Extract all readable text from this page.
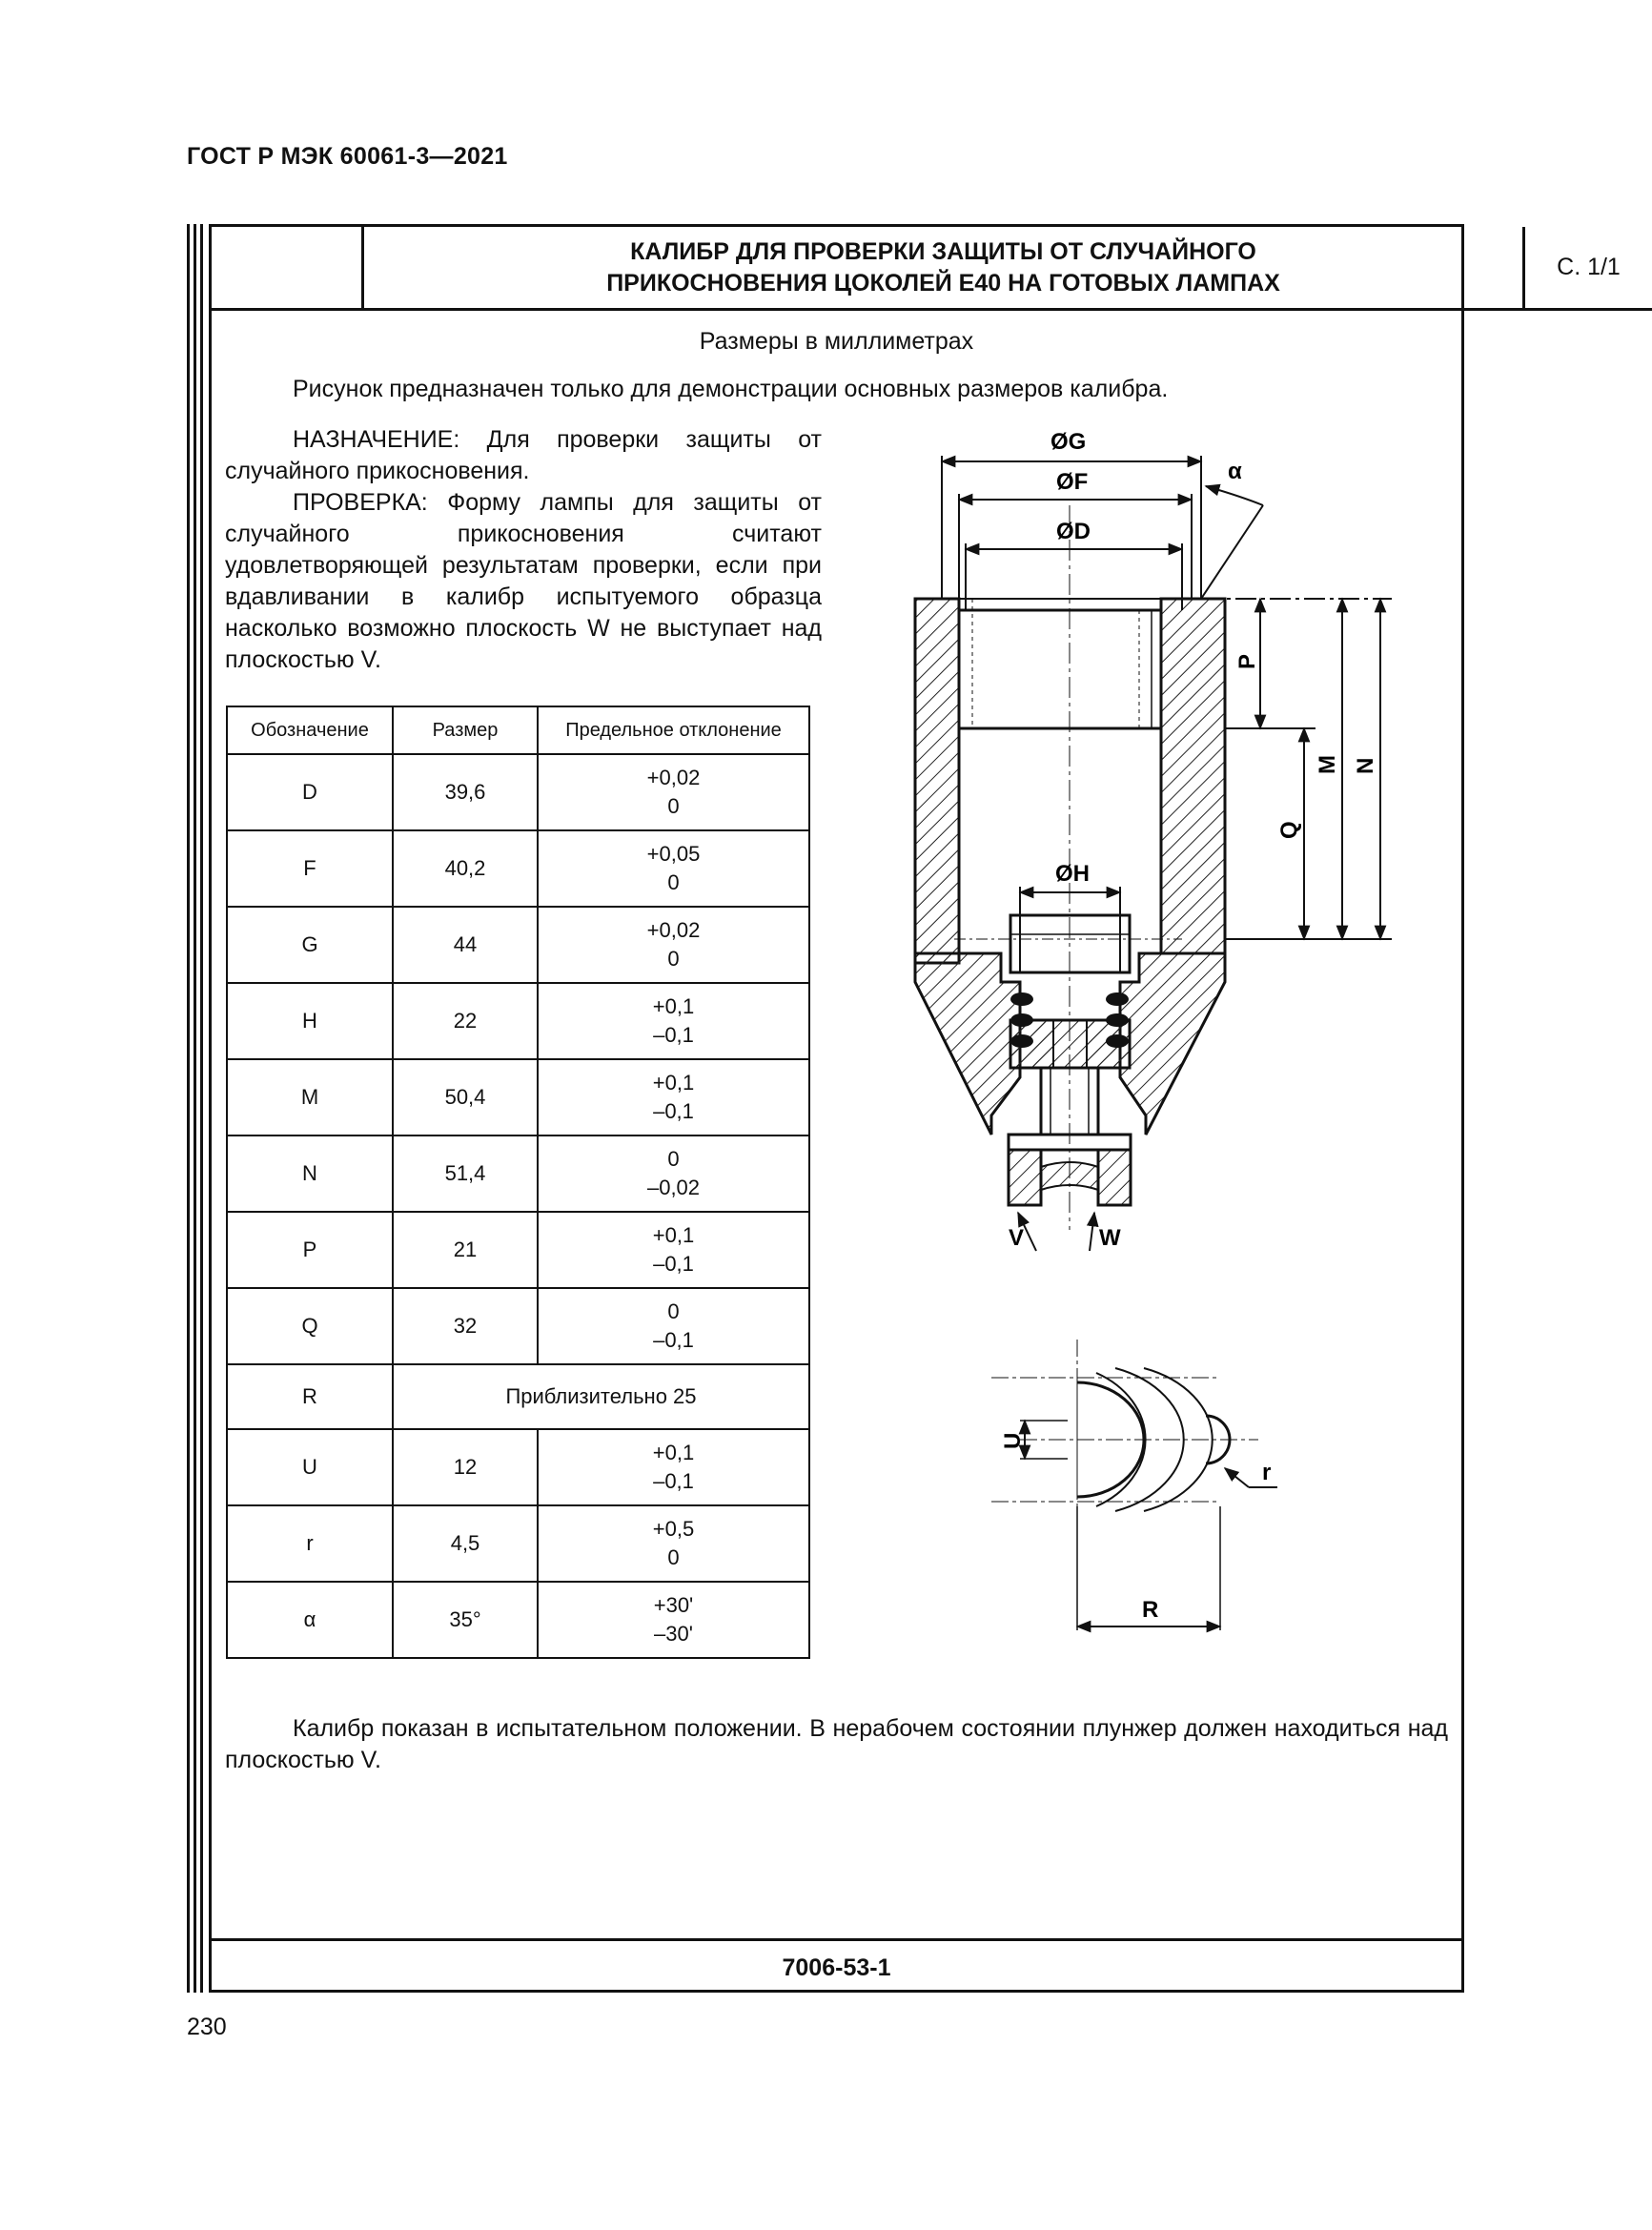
ГОСТ Р МЭК 60061-3—2021
КАЛИБР ДЛЯ ПРОВЕРКИ ЗАЩИТЫ ОТ СЛУЧАЙНОГО
ПРИКОСНОВЕНИЯ ЦОКОЛЕЙ Е40 НА ГОТОВЫХ ЛАМПАХ
С. 1/1
7006-53-1
Размеры в миллиметрах
Рисунок предназначен только для демонстрации основных размеров калибра.
НАЗНАЧЕНИЕ: Для проверки защиты от случайного прикосновения.
ПРОВЕРКА: Форму лампы для защиты от случайного прикосновения считают удовлетворяющей результатам проверки, если при вдавливании в калибр испытуемого образца насколько возможно плоскость W не выступает над плоскостью V.
Обозначение	Размер	Предельное отклонение
D	39,6	+0,02
0
F	40,2	+0,05
0
G	44	+0,02
0
H	22	+0,1
–0,1
M	50,4	+0,1
–0,1
N	51,4	0
–0,02
P	21	+0,1
–0,1
Q	32	0
–0,1
R	Приблизительно 25	
U	12	+0,1
–0,1
r	4,5	+0,5
0
α	35°	+30'
–30'
ØG
ØF
ØD
α
ØH
P
Q
M N
V	W
U
r
R
Калибр показан в испытательном положении. В нерабочем состоянии плунжер должен находиться над плоскостью V.
230
